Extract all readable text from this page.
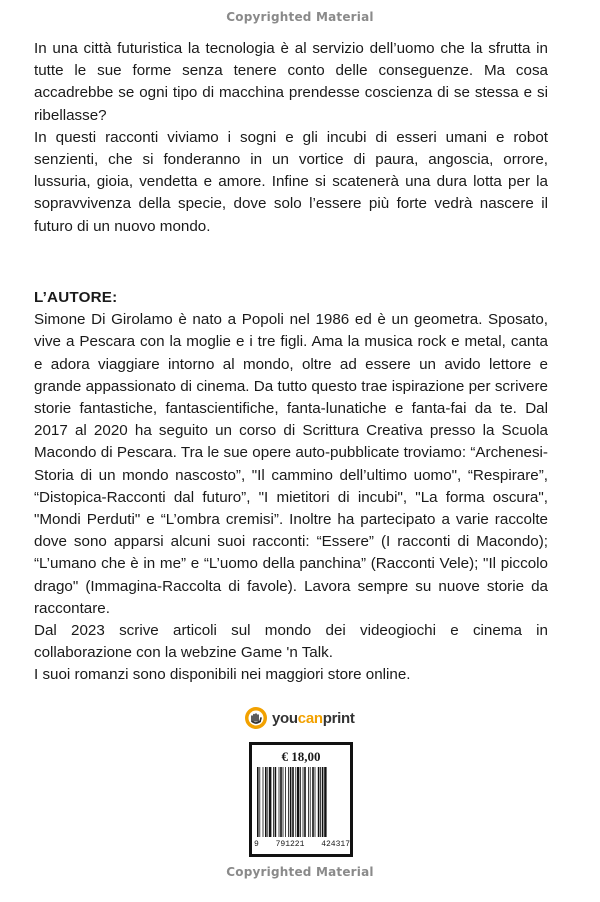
Copyrighted Material

In una città futuristica la tecnologia è al servizio dell’uomo che la sfrutta in tutte le sue forme senza tenere conto delle conseguenze. Ma cosa accadrebbe se ogni tipo di macchina prendesse coscienza di se stessa e si ribellasse?

In questi racconti viviamo i sogni e gli incubi di esseri umani e robot senzienti, che si fonderanno in un vortice di paura, angoscia, orrore, lussuria, gioia, vendetta e amore. Infine si scatenerà una dura lotta per la sopravvivenza della specie, dove solo l’essere più forte vedrà nascere il futuro di un nuovo mondo.

L’AUTORE:

Simone Di Girolamo è nato a Popoli nel 1986 ed è un geometra. Sposato, vive a Pescara con la moglie e i tre figli. Ama la musica rock e metal, canta e adora viaggiare intorno al mondo, oltre ad essere un avido lettore e grande appassionato di cinema. Da tutto questo trae ispirazione per scrivere storie fantastiche, fantascientifiche, fanta-lunatiche e fanta-fai da te. Dal 2017 al 2020 ha seguito un corso di Scrittura Creativa presso la Scuola Macondo di Pescara. Tra le sue opere auto-pubblicate troviamo: “Archenesi-Storia di un mondo nascosto”, "Il cammino dell’ultimo uomo", “Respirare”, “Distopica-Racconti dal futuro”, "I mietitori di incubi", "La forma oscura", "Mondi Perduti" e “L’ombra cremisi”. Inoltre ha partecipato a varie raccolte dove sono apparsi alcuni suoi racconti: “Essere” (I racconti di Macondo); “L’umano che è in me” e “L’uomo della panchina” (Racconti Vele); "Il piccolo drago" (Immagina-Raccolta di favole). Lavora sempre su nuove storie da raccontare.

Dal 2023 scrive articoli sul mondo dei videogiochi e cinema in collaborazione con la webzine Game 'n Talk.

I suoi romanzi sono disponibili nei maggiori store online.

youcanprint
€ 18,00
9 791221 424317
Copyrighted Material
